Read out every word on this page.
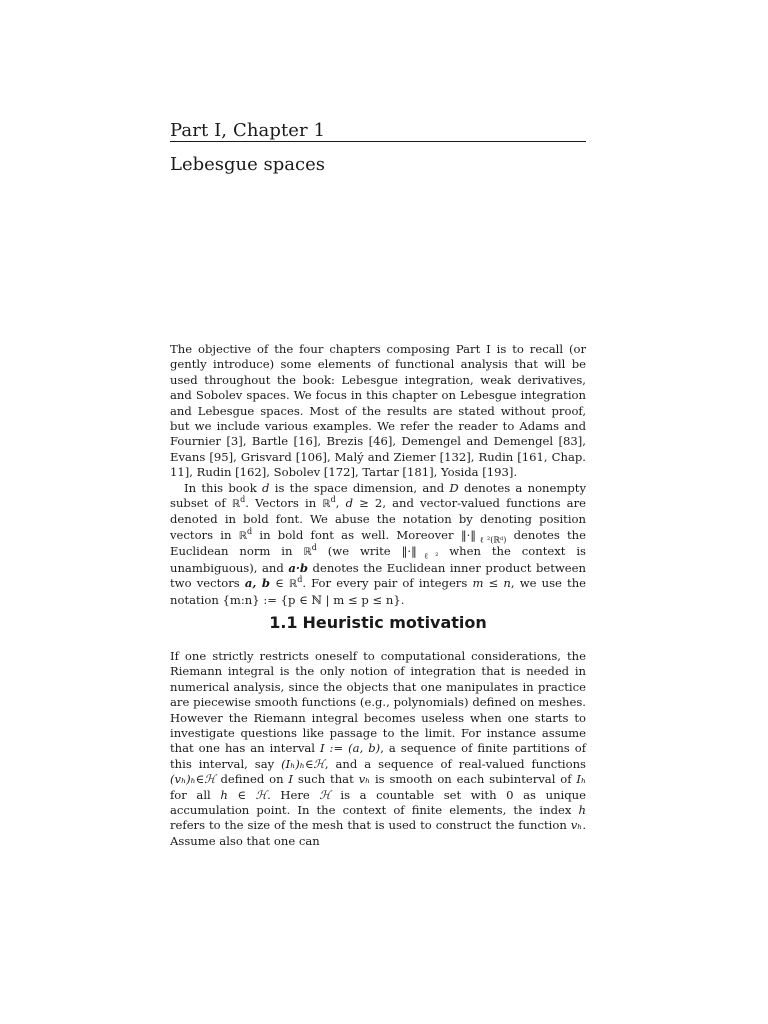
Part I, Chapter 1
Lebesgue spaces

The objective of the four chapters composing Part I is to recall (or gently introduce) some elements of functional analysis that will be used throughout the book: Lebesgue integration, weak derivatives, and Sobolev spaces. We focus in this chapter on Lebesgue integration and Lebesgue spaces. Most of the results are stated without proof, but we include various examples. We refer the reader to Adams and Fournier [3], Bartle [16], Brezis [46], Demengel and Demengel [83], Evans [95], Grisvard [106], Malý and Ziemer [132], Rudin [161, Chap. 11], Rudin [162], Sobolev [172], Tartar [181], Yosida [193].

In this book d is the space dimension, and D denotes a nonempty subset of ℝ$^d$. Vectors in ℝ$^d$, d ≥ 2, and vector-valued functions are denoted in bold font. We abuse the notation by denoting position vectors in ℝ$^d$ in bold font as well. Moreover $‖\cdot‖_{\ell^2(ℝᵈ)}$ denotes the Euclidean norm in ℝ$^d$ (we write $‖\cdot‖_{\ell^2}$ when the context is unambiguous), and a·b denotes the Euclidean inner product between two vectors a, b ∈ ℝ$^d$. For every pair of integers m ≤ n, we use the notation {m:n} := {p ∈ ℕ | m ≤ p ≤ n}.

1.1 Heuristic motivation

If one strictly restricts oneself to computational considerations, the Riemann integral is the only notion of integration that is needed in numerical analysis, since the objects that one manipulates in practice are piecewise smooth functions (e.g., polynomials) defined on meshes. However the Riemann integral becomes useless when one starts to investigate questions like passage to the limit. For instance assume that one has an interval I := (a, b), a sequence of finite partitions of this interval, say (Iₕ)ₕ∈ℋ, and a sequence of real-valued functions (vₕ)ₕ∈ℋ defined on I such that vₕ is smooth on each subinterval of Iₕ for all h ∈ ℋ. Here ℋ is a countable set with 0 as unique accumulation point. In the context of finite elements, the index h refers to the size of the mesh that is used to construct the function vₕ. Assume also that one can
